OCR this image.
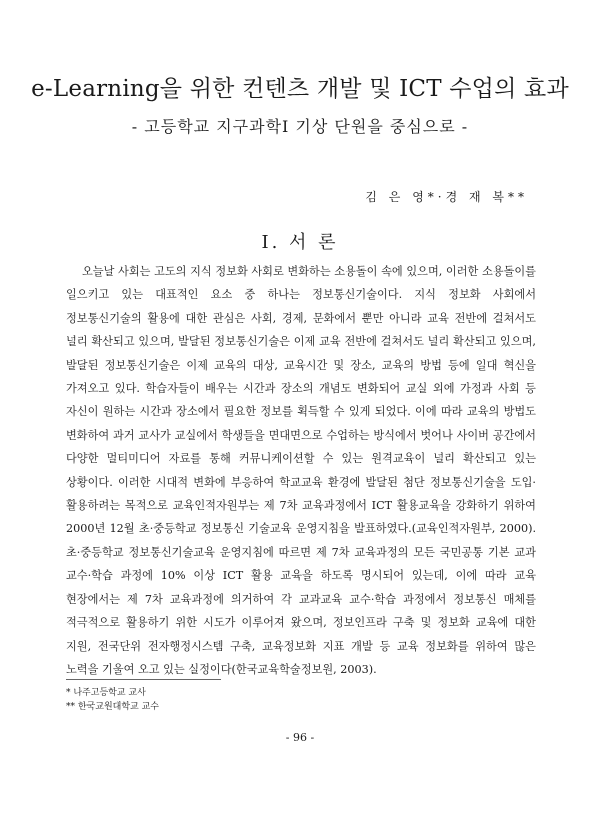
e-Learning을 위한 컨텐츠 개발 및 ICT 수업의 효과
- 고등학교 지구과학I 기상 단원을 중심으로 -

김 은 영*·경 재 복**

Ⅰ. 서 론

오늘날 사회는 고도의 지식 정보화 사회로 변화하는 소용돌이 속에 있으며, 이러한 소용돌이를 일으키고 있는 대표적인 요소 중 하나는 정보통신기술이다. 지식 정보화 사회에서 정보통신기술의 활용에 대한 관심은 사회, 경제, 문화에서 뿐만 아니라 교육 전반에 걸쳐서도 널리 확산되고 있으며, 발달된 정보통신기술은 이제 교육 전반에 걸쳐서도 널리 확산되고 있으며, 발달된 정보통신기술은 이제 교육의 대상, 교육시간 및 장소, 교육의 방법 등에 일대 혁신을 가져오고 있다. 학습자들이 배우는 시간과 장소의 개념도 변화되어 교실 외에 가정과 사회 등 자신이 원하는 시간과 장소에서 필요한 정보를 획득할 수 있게 되었다. 이에 따라 교육의 방법도 변화하여 과거 교사가 교실에서 학생들을 면대면으로 수업하는 방식에서 벗어나 사이버 공간에서 다양한 멀티미디어 자료를 통해 커뮤니케이션할 수 있는 원격교육이 널리 확산되고 있는 상황이다. 이러한 시대적 변화에 부응하여 학교교육 환경에 발달된 첨단 정보통신기술을 도입·활용하려는 목적으로 교육인적자원부는 제 7차 교육과정에서 ICT 활용교육을 강화하기 위하여 2000년 12월 초·중등학교 정보통신 기술교육 운영지침을 발표하였다.(교육인적자원부, 2000). 초·중등학교 정보통신기술교육 운영지침에 따르면 제 7차 교육과정의 모든 국민공통 기본 교과 교수·학습 과정에 10% 이상 ICT 활용 교육을 하도록 명시되어 있는데, 이에 따라 교육 현장에서는 제 7차 교육과정에 의거하여 각 교과교육 교수·학습 과정에서 정보통신 매체를 적극적으로 활용하기 위한 시도가 이루어져 왔으며, 정보인프라 구축 및 정보화 교육에 대한 지원, 전국단위 전자행정시스템 구축, 교육정보화 지표 개발 등 교육 정보화를 위하여 많은 노력을 기울여 오고 있는 실정이다(한국교육학술정보원, 2003).

* 나주고등학교 교사
** 한국교원대학교 교수

- 96 -
